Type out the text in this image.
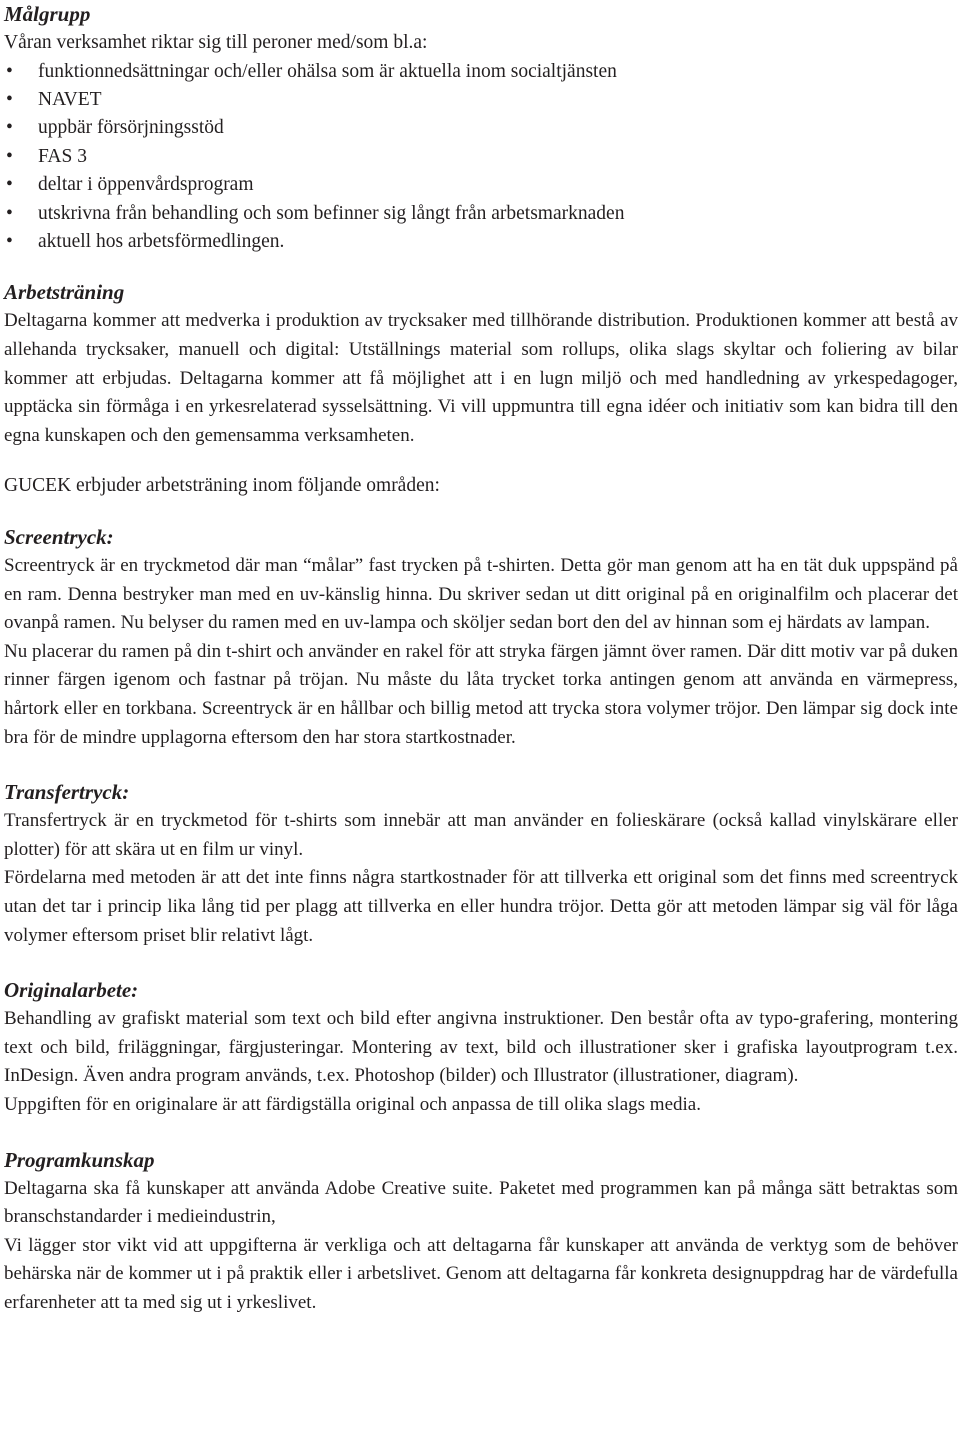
Målgrupp

Våran verksamhet riktar sig till peroner med/som bl.a:

• funktionnedsättningar och/eller ohälsa som är aktuella inom socialtjänsten
• NAVET
• uppbär försörjningsstöd
• FAS 3
• deltar i öppenvårdsprogram
• utskrivna från behandling och som befinner sig långt från arbetsmarknaden
• aktuell hos arbetsförmedlingen.
Arbetsträning

Deltagarna kommer att medverka i produktion av trycksaker med tillhörande distribution. Produktionen kommer att bestå av allehanda trycksaker, manuell och digital: Utställnings material som rollups, olika slags skyltar och foliering av bilar kommer att erbjudas. Deltagarna kommer att få möjlighet att i en lugn miljö och med handledning av yrkespedagoger, upptäcka sin förmåga i en yrkesrelaterad sysselsättning. Vi vill uppmuntra till egna idéer och initiativ som kan bidra till den egna kunskapen och den gemensamma verksamheten.

GUCEK erbjuder arbetsträning inom följande områden:

Screentryck:

Screentryck är en tryckmetod där man “målar” fast trycken på t-shirten. Detta gör man genom att ha en tät duk uppspänd på en ram. Denna bestryker man med en uv-känslig hinna. Du skriver sedan ut ditt original på en originalfilm och placerar det ovanpå ramen. Nu belyser du ramen med en uv-lampa och sköljer sedan bort den del av hinnan som ej härdats av lampan.

Nu placerar du ramen på din t-shirt och använder en rakel för att stryka färgen jämnt över ramen. Där ditt motiv var på duken rinner färgen igenom och fastnar på tröjan. Nu måste du låta trycket torka antingen genom att använda en värmepress, hårtork eller en torkbana. Screentryck är en hållbar och billig metod att trycka stora volymer tröjor. Den lämpar sig dock inte bra för de mindre upplagorna eftersom den har stora startkostnader.

Transfertryck:

Transfertryck är en tryckmetod för t-shirts som innebär att man använder en folieskärare (också kallad vinylskärare eller plotter) för att skära ut en film ur vinyl.

Fördelarna med metoden är att det inte finns några startkostnader för att tillverka ett original som det finns med screentryck utan det tar i princip lika lång tid per plagg att tillverka en eller hundra tröjor. Detta gör att metoden lämpar sig väl för låga volymer eftersom priset blir relativt lågt.

Originalarbete:

Behandling av grafiskt material som text och bild efter angivna instruktioner. Den består ofta av typo-grafering, montering text och bild, friläggningar, färgjusteringar. Montering av text, bild och illustrationer sker i grafiska layoutprogram t.ex. InDesign. Även andra program används, t.ex. Photoshop (bilder) och Illustrator (illustrationer, diagram).

Uppgiften för en originalare är att färdigställa original och anpassa de till olika slags media.

Programkunskap

Deltagarna ska få kunskaper att använda Adobe Creative suite. Paketet med programmen kan på många sätt betraktas som branschstandarder i medieindustrin,

Vi lägger stor vikt vid att uppgifterna är verkliga och att deltagarna får kunskaper att använda de verktyg som de behöver behärska när de kommer ut i på praktik eller i arbetslivet. Genom att deltagarna får konkreta designuppdrag har de värdefulla erfarenheter att ta med sig ut i yrkeslivet.
